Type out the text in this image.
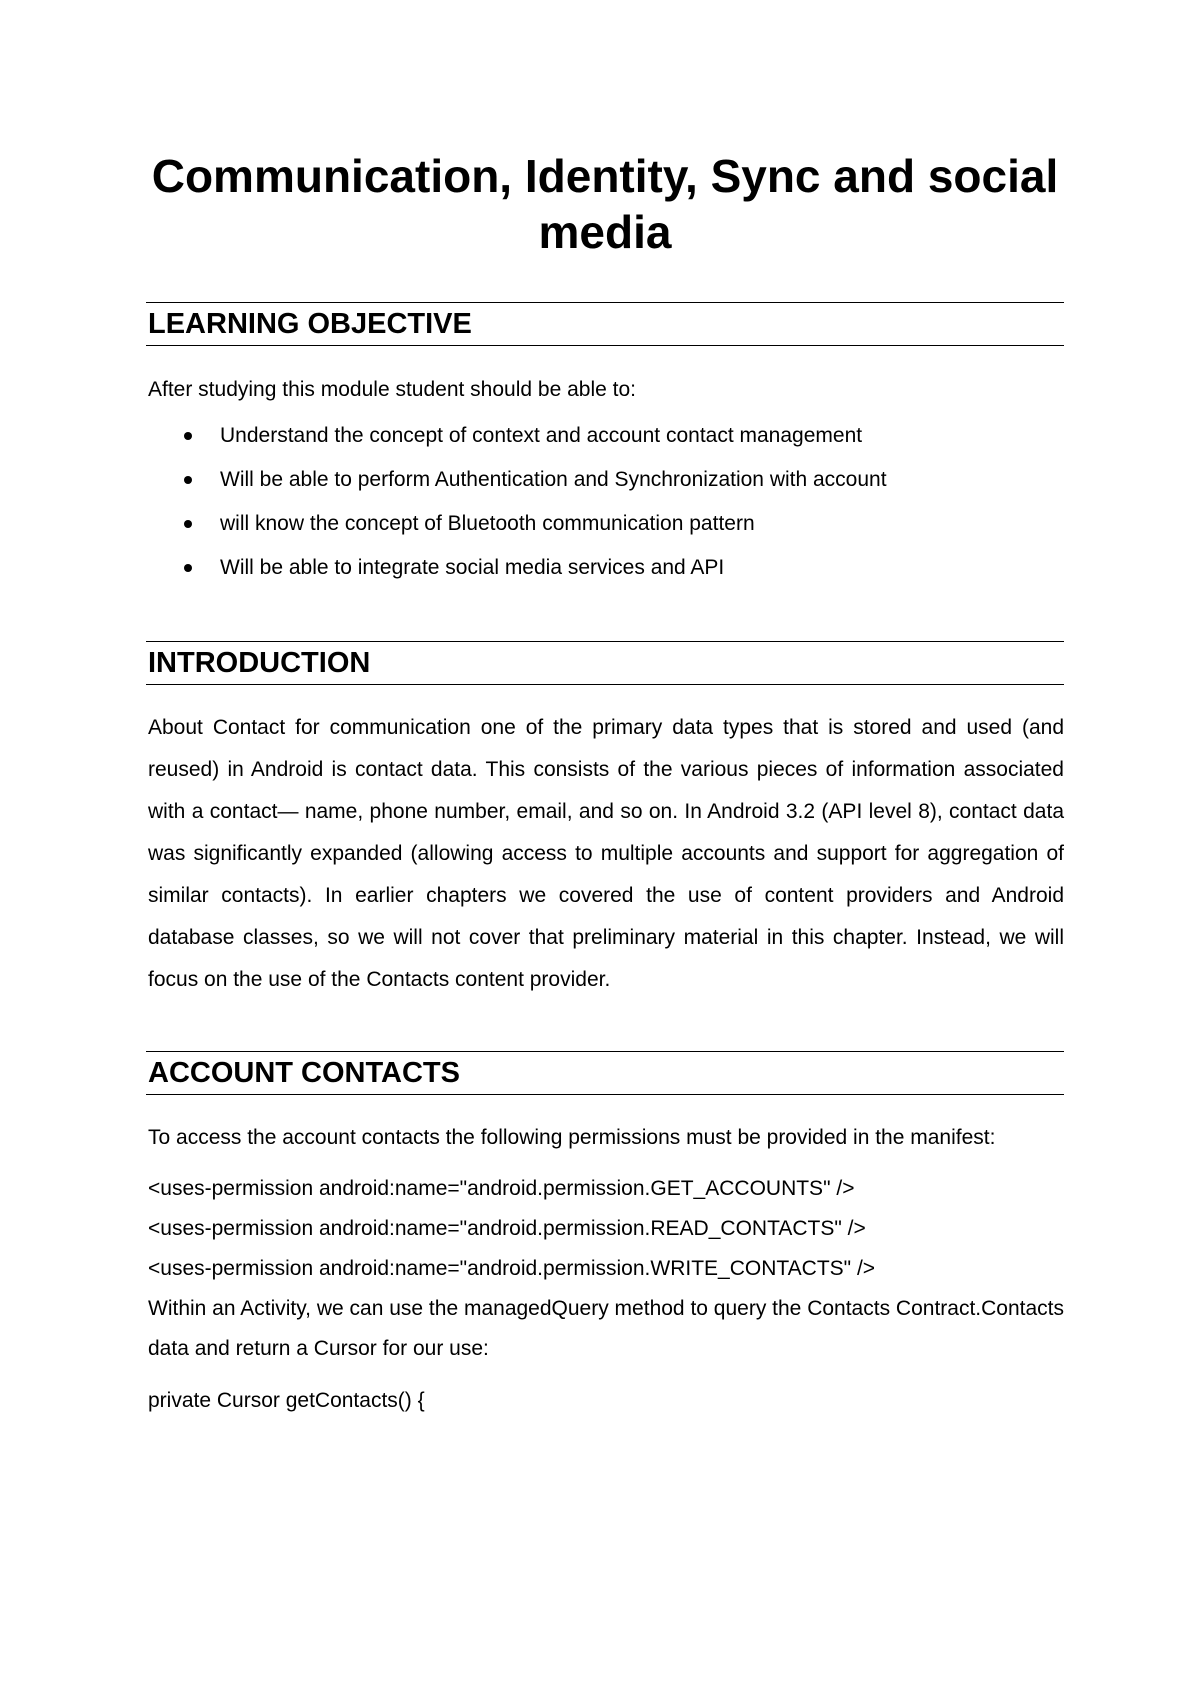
Communication, Identity, Sync and social media
LEARNING OBJECTIVE

After studying this module student should be able to:

Understand the concept of context and account contact management
Will be able to perform Authentication and Synchronization with account
will know the concept of Bluetooth communication pattern
Will be able to integrate social media services and API
INTRODUCTION

About Contact for communication one of the primary data types that is stored and used (and reused) in Android is contact data. This consists of the various pieces of information associated with a contact— name, phone number, email, and so on. In Android 3.2 (API level 8), contact data was significantly expanded (allowing access to multiple accounts and support for aggregation of similar contacts). In earlier chapters we covered the use of content providers and Android database classes, so we will not cover that preliminary material in this chapter. Instead, we will focus on the use of the Contacts content provider.

ACCOUNT CONTACTS

To access the account contacts the following permissions must be provided in the manifest:

<uses-permission android:name="android.permission.GET_ACCOUNTS" />

<uses-permission android:name="android.permission.READ_CONTACTS" />

<uses-permission android:name="android.permission.WRITE_CONTACTS" />

Within an Activity, we can use the managedQuery method to query the Contacts Contract.Contacts data and return a Cursor for our use:

private Cursor getContacts() {
